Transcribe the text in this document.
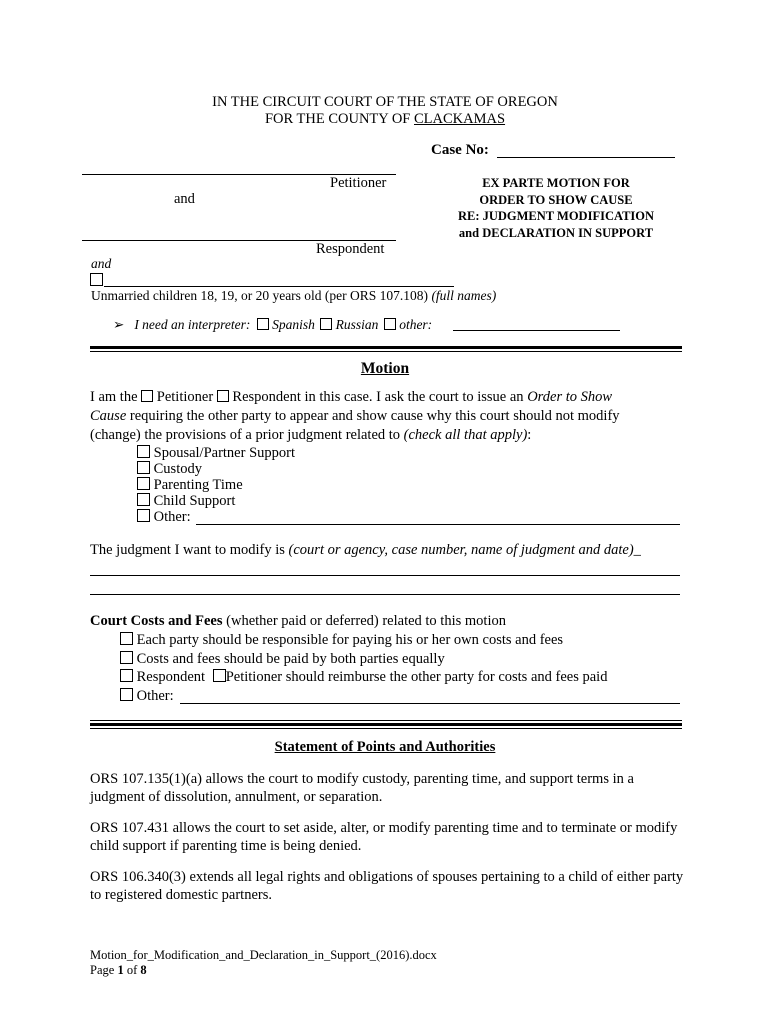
IN THE CIRCUIT COURT OF THE STATE OF OREGON
FOR THE COUNTY OF CLACKAMAS
Case No:
Petitioner
and
Respondent
EX PARTE MOTION FOR
ORDER TO SHOW CAUSE
RE: JUDGMENT MODIFICATION
and DECLARATION IN SUPPORT
and
Unmarried children 18, 19, or 20 years old (per ORS 107.108) (full names)
➢ I need an interpreter: Spanish Russian other:
Motion
I am the Petitioner Respondent in this case. I ask the court to issue an Order to Show
Cause requiring the other party to appear and show cause why this court should not modify
(change) the provisions of a prior judgment related to (check all that apply):
Spousal/Partner Support
Custody
Parenting Time
Child Support
Other:
The judgment I want to modify is (court or agency, case number, name of judgment and date)_
Court Costs and Fees (whether paid or deferred) related to this motion
Each party should be responsible for paying his or her own costs and fees
Costs and fees should be paid by both parties equally
Respondent Petitioner should reimburse the other party for costs and fees paid
Other:
Statement of Points and Authorities
ORS 107.135(1)(a) allows the court to modify custody, parenting time, and support terms in a judgment of dissolution, annulment, or separation.
ORS 107.431 allows the court to set aside, alter, or modify parenting time and to terminate or modify child support if parenting time is being denied.
ORS 106.340(3) extends all legal rights and obligations of spouses pertaining to a child of either party to registered domestic partners.
Motion_for_Modification_and_Declaration_in_Support_(2016).docx
Page 1 of 8
